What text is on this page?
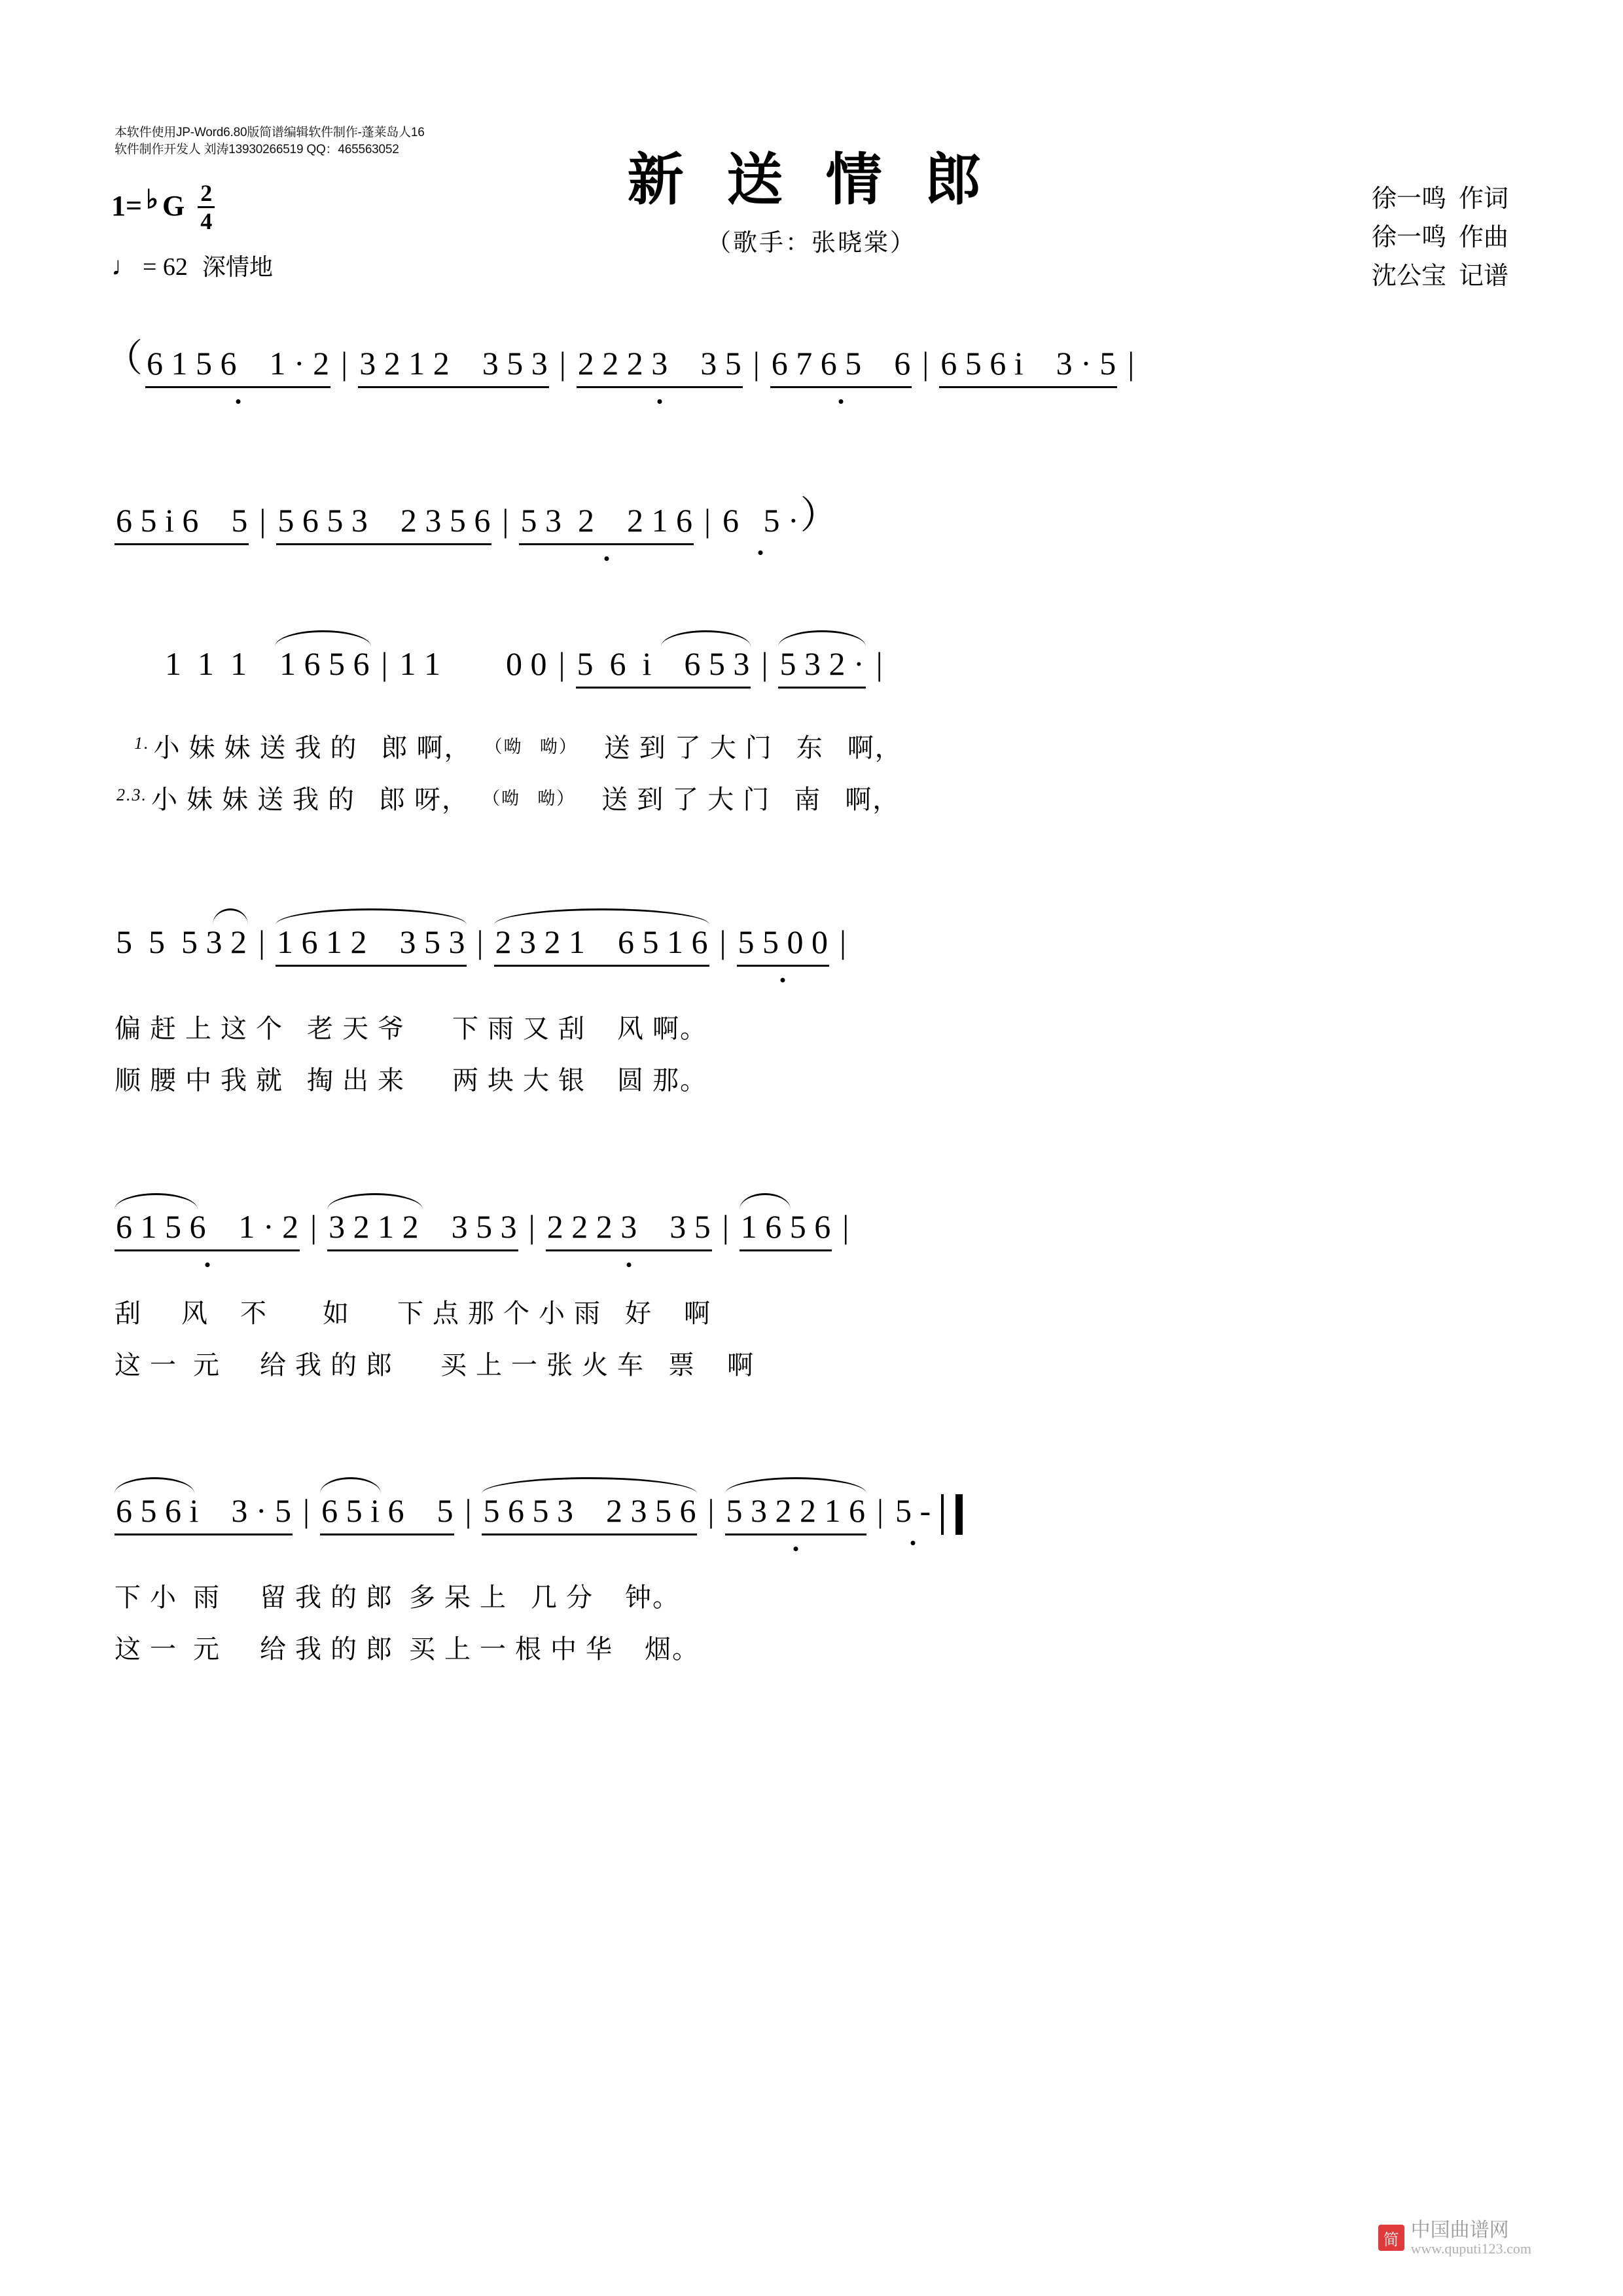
本软件使用JP-Word6.80版简谱编辑软件制作-蓬莱岛人16
软件制作开发人 刘涛13930266519 QQ：465563052	新 送 情 郎
（歌手：张晓棠）
徐一鸣  作词
徐一鸣  作曲
沈公宝  记谱
1= ♭ G $\frac{2}{4}$
♩ = 62 深情地
（ 6 1 5 6    1 · 2 | 3 2 1 2    3 5 3 | 2 2 2 3    3 5 | 6 7 6 5    6 | 6 5 6 i    3 · 5 |
6 5 i 6    5 | 5 6 5 3    2 3 5 6 | 5 3  2    2 1 6 | 6   5 · ）
1  1  1    1 6 5 6 | 1 1        0 0 | 5  6  i    6 5 3 | 5 3 2 · |
1. 小 妹 妹 送 我 的   郎 啊， （呦   呦）	送 到 了 大 门   东   啊，
2.3. 小 妹 妹 送 我 的   郎 呀， （呦   呦）	送 到 了 大 门   南   啊，
5  5  5 3 2 | 1 6 1 2    3 5 3 | 2 3 2 1    6 5 1 6 | 5 5 0 0 |
偏 赶 上 这 个   老 天 爷      下 雨 又 刮    风 啊。
顺 腰 中 我 就   掏 出 来      两 块 大 银    圆 那。
6 1 5 6    1 · 2 | 3 2 1 2    3 5 3 | 2 2 2 3    3 5 | 1 6 5 6 |
刮     风    不       如      下 点 那 个 小 雨   好    啊
这 一  元     给 我 的 郎      买 上 一 张 火 车   票    啊
6 5 6 i    3 · 5 | 6 5 i 6    5 | 5 6 5 3    2 3 5 6 | 5 3 2 2 1 6 | 5 -
下 小  雨     留 我 的 郎  多 呆 上   几 分    钟。
这 一  元     给 我 的 郎  买 上 一 根 中 华    烟。
简 中国曲谱网
www.quputi123.com
